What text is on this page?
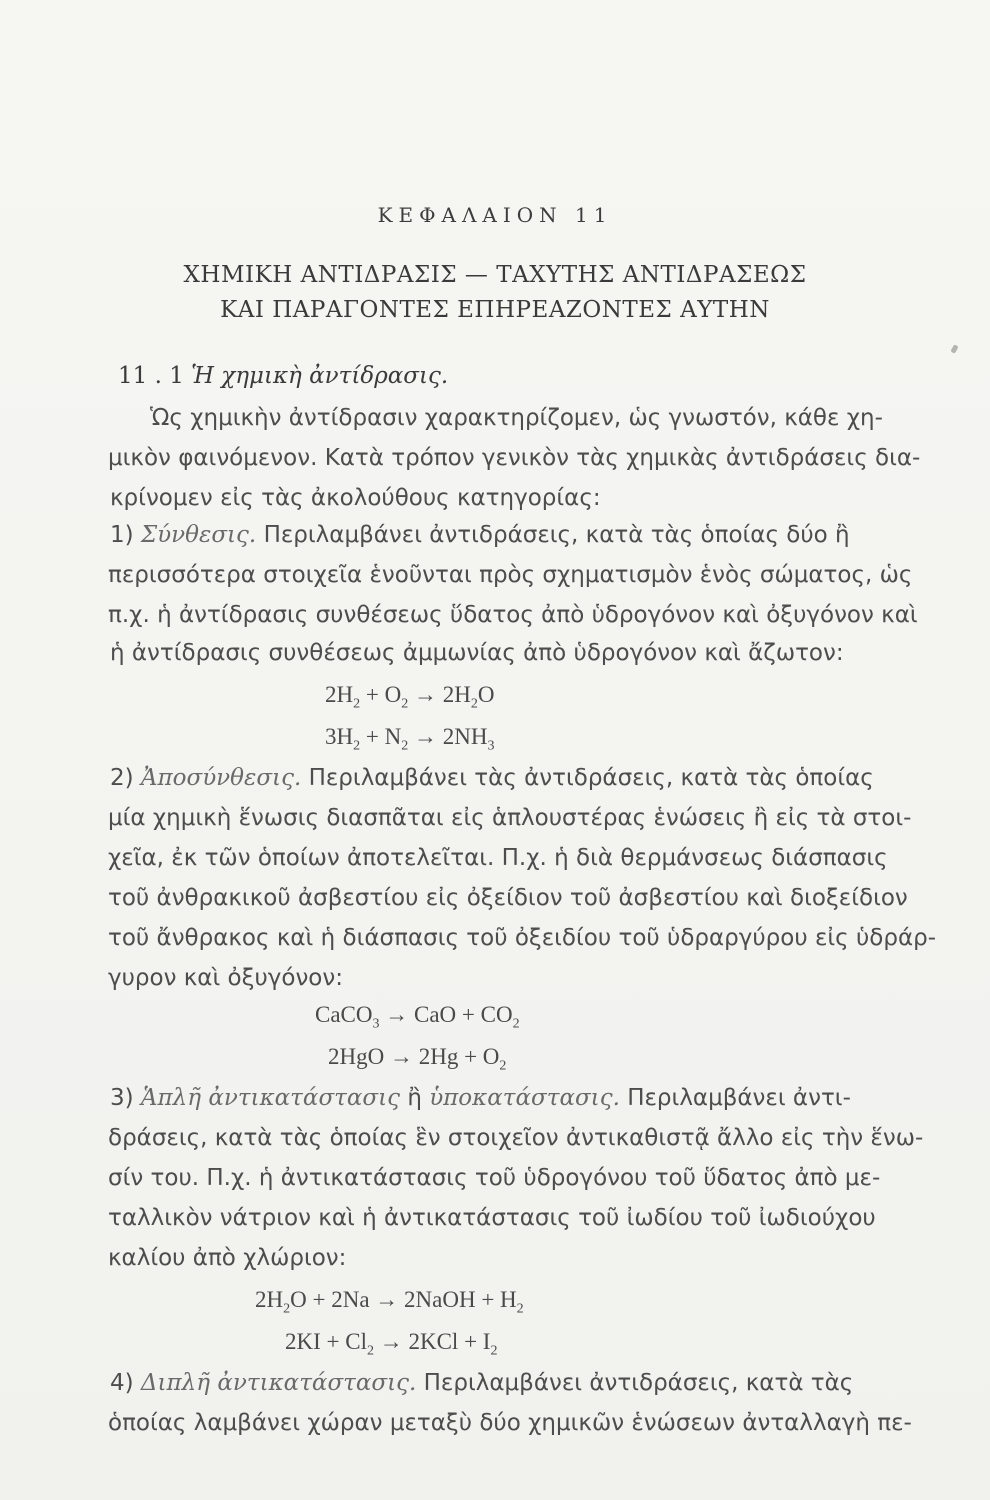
ΚΕΦΑΛΑΙΟΝ 11
ΧΗΜΙΚΗ ΑΝΤΙΔΡΑΣΙΣ — ΤΑΧΥΤΗΣ ΑΝΤΙΔΡΑΣΕΩΣ
ΚΑΙ ΠΑΡΑΓΟΝΤΕΣ ΕΠΗΡΕΑΖΟΝΤΕΣ ΑΥΤΗΝ
11 . 1 Ἡ χημικὴ ἀντίδρασις.
Ὡς χημικὴν ἀντίδρασιν χαρακτηρίζομεν, ὡς γνωστόν, κάθε χη-
μικὸν φαινόμενον. Κατὰ τρόπον γενικὸν τὰς χημικὰς ἀντιδράσεις δια-
κρίνομεν εἰς τὰς ἀκολούθους κατηγορίας:
1) Σύνθεσις. Περιλαμβάνει ἀντιδράσεις, κατὰ τὰς ὁποίας δύο ἢ
περισσότερα στοιχεῖα ἑνοῦνται πρὸς σχηματισμὸν ἑνὸς σώματος, ὡς
π.χ. ἡ ἀντίδρασις συνθέσεως ὕδατος ἀπὸ ὑδρογόνον καὶ ὀξυγόνον καὶ
ἡ ἀντίδρασις συνθέσεως ἀμμωνίας ἀπὸ ὑδρογόνον καὶ ἄζωτον:
$2H_2 + O_2 \to 2H_2O$
$3H_2 + N_2 \to 2NH_3$
2) Ἀποσύνθεσις. Περιλαμβάνει τὰς ἀντιδράσεις, κατὰ τὰς ὁποίας
μία χημικὴ ἕνωσις διασπᾶται εἰς ἁπλουστέρας ἑνώσεις ἢ εἰς τὰ στοι-
χεῖα, ἐκ τῶν ὁποίων ἀποτελεῖται. Π.χ. ἡ διὰ θερμάνσεως διάσπασις
τοῦ ἀνθρακικοῦ ἀσβεστίου εἰς ὀξείδιον τοῦ ἀσβεστίου καὶ διοξείδιον
τοῦ ἄνθρακος καὶ ἡ διάσπασις τοῦ ὀξειδίου τοῦ ὑδραργύρου εἰς ὑδράρ-
γυρον καὶ ὀξυγόνον:
CaCO$_3$ → CaO + $CO_2$
$2HgO \to 2Hg + O_2$
3) Ἁπλῆ ἀντικατάστασις ἢ ὑποκατάστασις. Περιλαμβάνει ἀντι-
δράσεις, κατὰ τὰς ὁποίας ἓν στοιχεῖον ἀντικαθιστᾷ ἄλλο εἰς τὴν ἕνω-
σίν του. Π.χ. ἡ ἀντικατάστασις τοῦ ὑδρογόνου τοῦ ὕδατος ἀπὸ με-
ταλλικὸν νάτριον καὶ ἡ ἀντικατάστασις τοῦ ἰωδίου τοῦ ἰωδιούχου
καλίου ἀπὸ χλώριον:
$2H_2O + 2Na$ → 2NaOH + $H_2$
$2KI + Cl_2 \to 2KCl + I_2$
4) Διπλῆ ἀντικατάστασις. Περιλαμβάνει ἀντιδράσεις, κατὰ τὰς
ὁποίας λαμβάνει χώραν μεταξὺ δύο χημικῶν ἑνώσεων ἀνταλλαγὴ πε-
